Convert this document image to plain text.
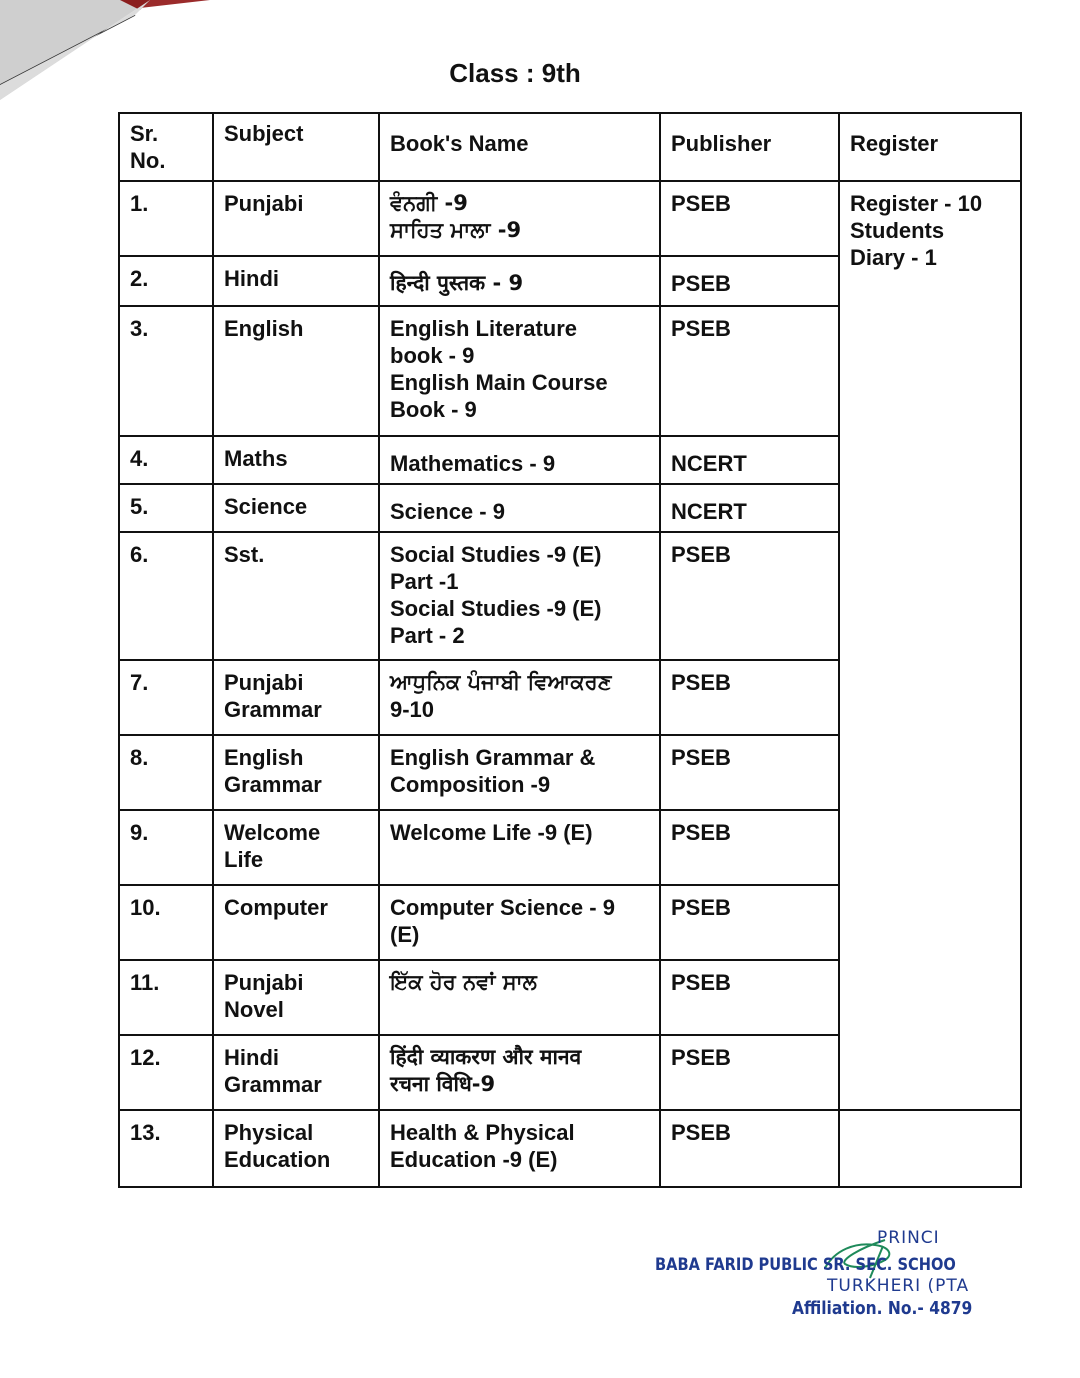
Class : 9th
Sr.
No.	Subject	Book's Name	Publisher	Register

1.	Punjabi	ਵੰਨਗੀ -9
ਸਾਹਿਤ ਮਾਲਾ -9	PSEB	Register - 10
Students
Diary - 1

2.	Hindi	हिन्दी पुस्तक - 9	PSEB	
3.	English	English Literature
book - 9
English Main Course
Book - 9	PSEB	
4.	Maths	Mathematics - 9	NCERT	
5.	Science	Science - 9	NCERT	
6.	Sst.	Social Studies -9 (E)
Part -1
Social Studies -9 (E)
Part - 2	PSEB	
7.	Punjabi
Grammar	ਆਧੁਨਿਕ ਪੰਜਾਬੀ ਵਿਆਕਰਣ
9-10	PSEB	
8.	English
Grammar	English Grammar &
Composition -9	PSEB	
9.	Welcome
Life	Welcome Life -9 (E)	PSEB	
10.	Computer	Computer Science - 9
(E)	PSEB	
11.	Punjabi
Novel	ਇੱਕ ਹੋਰ ਨਵਾਂ ਸਾਲ	PSEB	
12.	Hindi
Grammar	हिंदी व्याकरण और मानव
रचना विधि-9	PSEB	
13.	Physical
Education	Health & Physical
Education -9 (E)	PSEB	
PRINCI
BABA FARID PUBLIC SR. SEC. SCHOO
TURKHERI (PTA
Affiliation. No.- 4879
